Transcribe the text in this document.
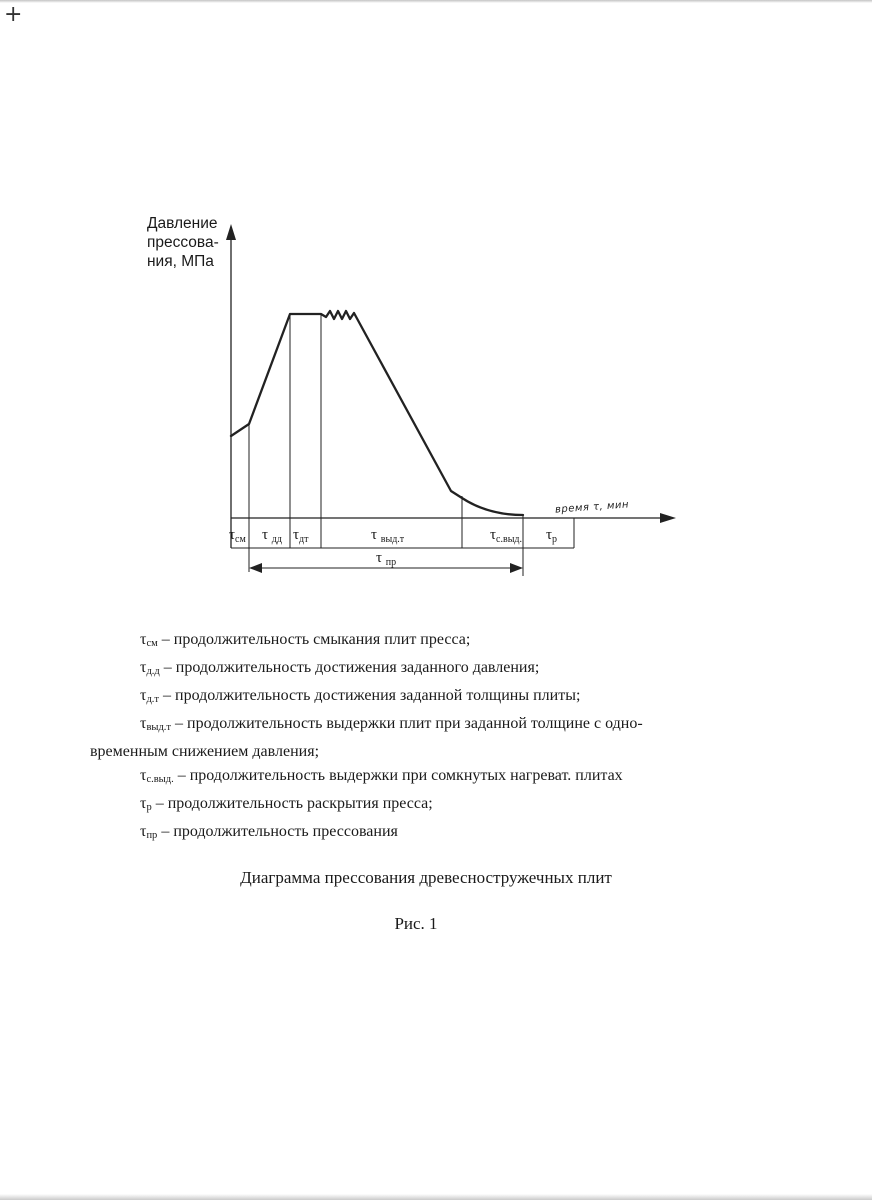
+
Давление
прессова-
ния, МПа
время τ, мин
$\tau_{см}$ τ $_{дд}$ $\tau_{дт}$	τ $_{выд.т}$	$\tau_{с.выд.}$ $\tau_р$
τ $_{пр}$

$\tau_{см}$ – продолжительность смыкания плит пресса;

$\tau_{д.д}$ – продолжительность достижения заданного давления;

$\tau_{д.т}$ – продолжительность достижения заданной толщины плиты;

$\tau_{выд.т}$ – продолжительность выдержки плит при заданной толщине с одно-

временным снижением давления;

$\tau_{с.выд.}$ – продолжительность выдержки при сомкнутых нагреват. плитах

$\tau_р$ – продолжительность раскрытия пресса;

$\tau_{пр}$ – продолжительность прессования

Диаграмма прессования древесностружечных плит
Рис. 1
